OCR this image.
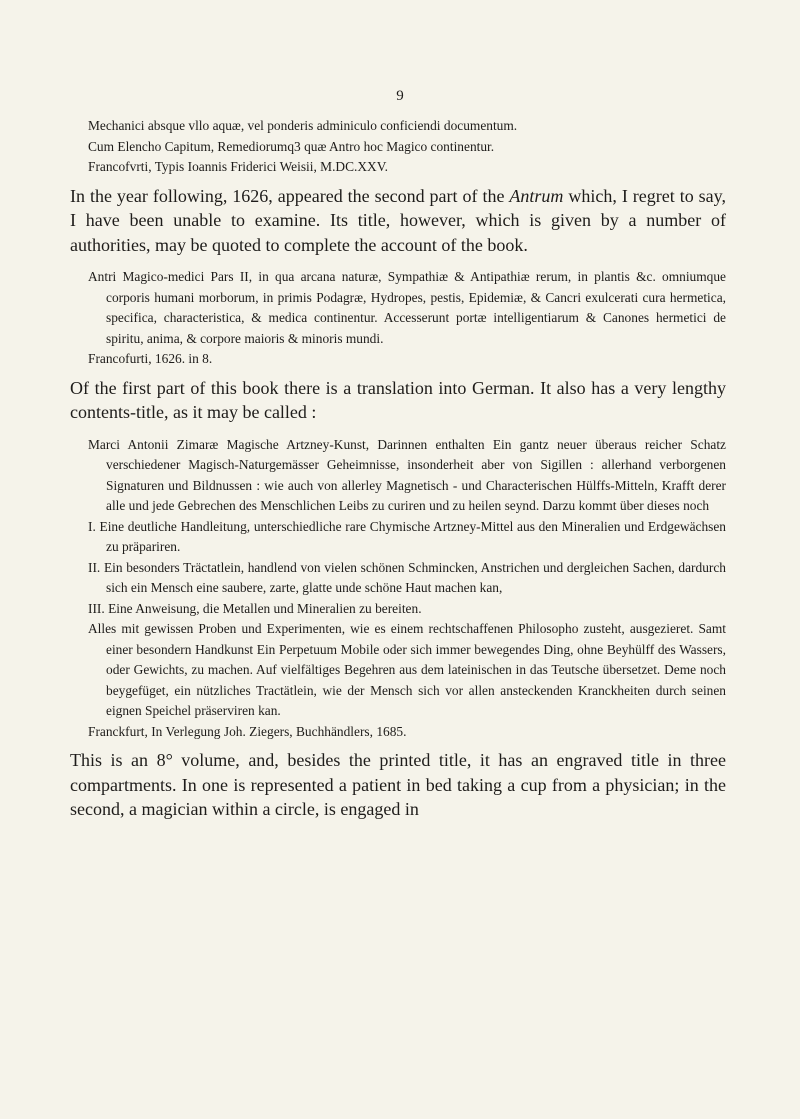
9

Mechanici absque vllo aquæ, vel ponderis adminiculo conficiendi documentum.

Cum Elencho Capitum, Remediorumq3 quæ Antro hoc Magico continentur.

Francofvrti, Typis Ioannis Friderici Weisii, M.DC.XXV.

In the year following, 1626, appeared the second part of the Antrum which, I regret to say, I have been unable to examine. Its title, however, which is given by a number of authorities, may be quoted to complete the account of the book.

Antri Magico-medici Pars II, in qua arcana naturæ, Sympathiæ & Antipathiæ rerum, in plantis &c. omniumque corporis humani morborum, in primis Podagræ, Hydropes, pestis, Epidemiæ, & Cancri exulcerati cura hermetica, specifica, characteristica, & medica continentur. Accesserunt portæ intelligentiarum & Canones hermetici de spiritu, anima, & corpore maioris & minoris mundi.

Francofurti, 1626. in 8.

Of the first part of this book there is a translation into German. It also has a very lengthy contents-title, as it may be called :

Marci Antonii Zimaræ Magische Artzney-Kunst, Darinnen enthalten Ein gantz neuer überaus reicher Schatz verschiedener Magisch-Naturgemässer Geheimnisse, insonderheit aber von Sigillen : allerhand verborgenen Signaturen und Bildnussen : wie auch von allerley Magnetisch - und Characterischen Hülffs-Mitteln, Krafft derer alle und jede Gebrechen des Menschlichen Leibs zu curiren und zu heilen seynd. Darzu kommt über dieses noch

I. Eine deutliche Handleitung, unterschiedliche rare Chymische Artzney-Mittel aus den Mineralien und Erdgewächsen zu präpariren.

II. Ein besonders Träctatlein, handlend von vielen schönen Schmincken, Anstrichen und dergleichen Sachen, dardurch sich ein Mensch eine saubere, zarte, glatte unde schöne Haut machen kan,

III. Eine Anweisung, die Metallen und Mineralien zu bereiten.

Alles mit gewissen Proben und Experimenten, wie es einem rechtschaffenen Philosopho zusteht, ausgezieret. Samt einer besondern Handkunst Ein Perpetuum Mobile oder sich immer bewegendes Ding, ohne Beyhülff des Wassers, oder Gewichts, zu machen. Auf vielfältiges Begehren aus dem lateinischen in das Teutsche übersetzet. Deme noch beygefüget, ein nützliches Tractätlein, wie der Mensch sich vor allen ansteckenden Kranckheiten durch seinen eignen Speichel präserviren kan.

Franckfurt, In Verlegung Joh. Ziegers, Buchhändlers, 1685.

This is an 8° volume, and, besides the printed title, it has an engraved title in three compartments. In one is represented a patient in bed taking a cup from a physician; in the second, a magician within a circle, is engaged in
